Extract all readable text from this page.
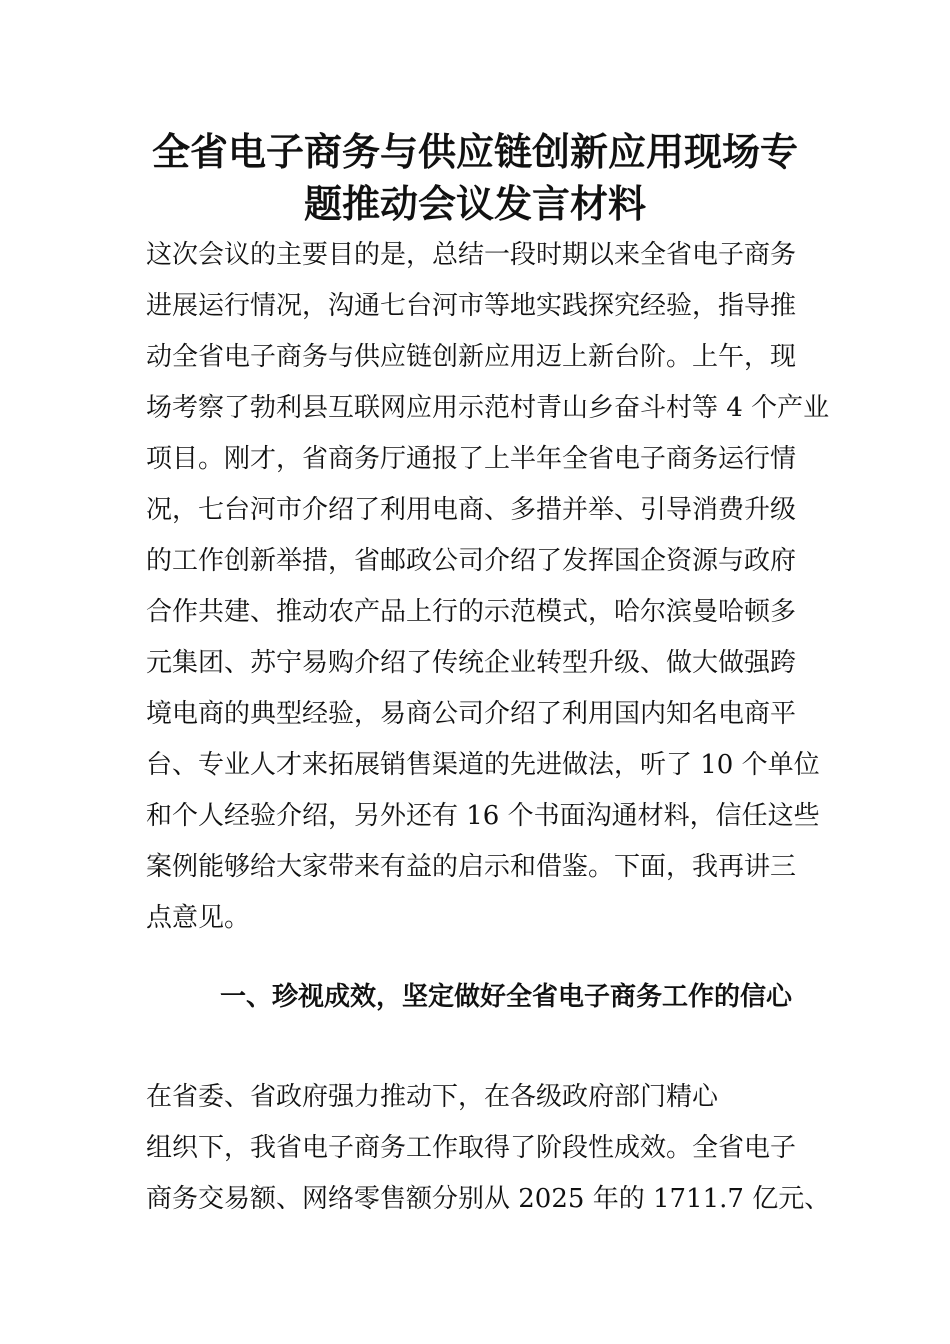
全省电子商务与供应链创新应用现场专
题推动会议发言材料
这次会议的主要目的是，总结一段时期以来全省电子商务
进展运行情况，沟通七台河市等地实践探究经验，指导推
动全省电子商务与供应链创新应用迈上新台阶。上午，现
场考察了勃利县互联网应用示范村青山乡奋斗村等 4 个产业
项目。刚才，省商务厅通报了上半年全省电子商务运行情
况，七台河市介绍了利用电商、多措并举、引导消费升级
的工作创新举措，省邮政公司介绍了发挥国企资源与政府
合作共建、推动农产品上行的示范模式，哈尔滨曼哈顿多
元集团、苏宁易购介绍了传统企业转型升级、做大做强跨
境电商的典型经验，易商公司介绍了利用国内知名电商平
台、专业人才来拓展销售渠道的先进做法，听了 10 个单位
和个人经验介绍，另外还有 16 个书面沟通材料，信任这些
案例能够给大家带来有益的启示和借鉴。下面，我再讲三
点意见。
一、珍视成效，坚定做好全省电子商务工作的信心
在省委、省政府强力推动下，在各级政府部门精心
组织下，我省电子商务工作取得了阶段性成效。全省电子
商务交易额、网络零售额分别从 2025 年的 1711.7 亿元、
